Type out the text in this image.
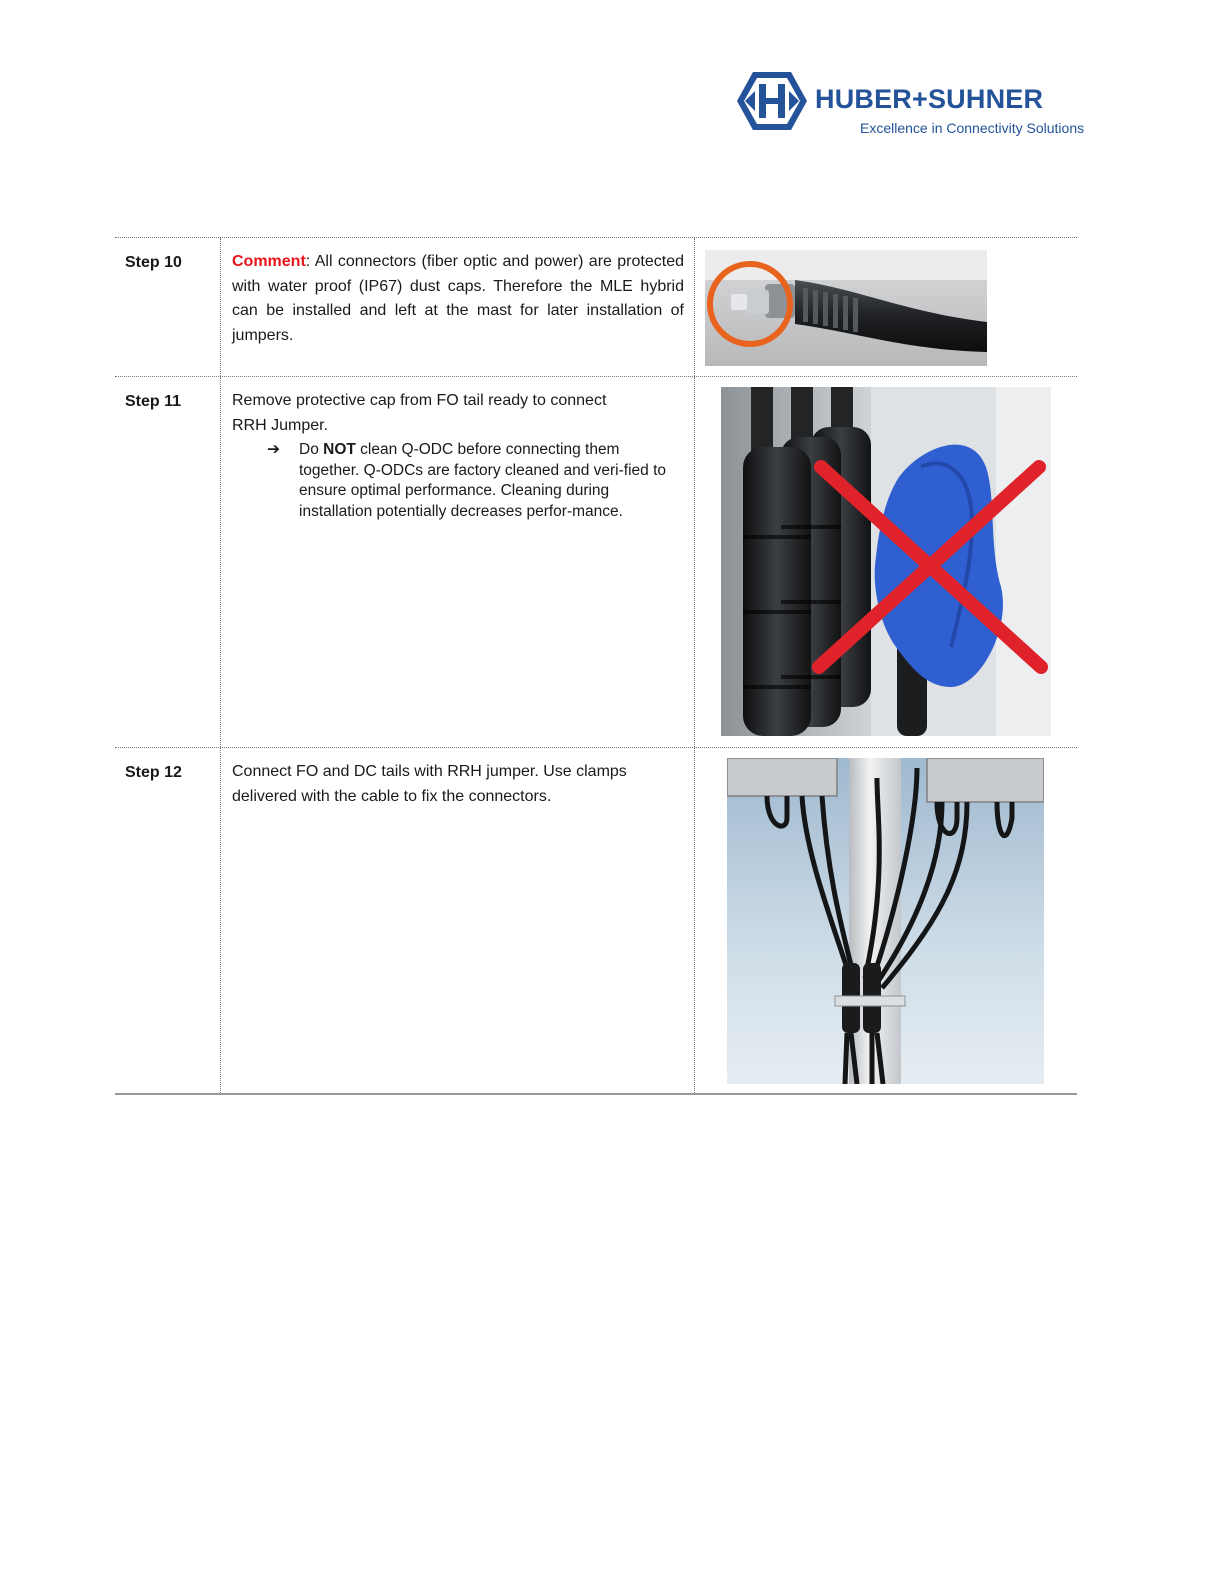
HUBER+SUHNER
Excellence in Connectivity Solutions
Step 10	Comment: All connectors (fiber optic and power) are protected with water proof (IP67) dust caps. Therefore the MLE hybrid can be installed and left at the mast for later installation of jumpers.
Step 11	Remove protective cap from FO tail ready to connect
RRH Jumper.
➔	Do NOT clean Q-ODC before connecting them together. Q-ODCs are factory cleaned and veri-fied to ensure optimal performance. Cleaning during installation potentially decreases perfor-mance.
Step 12	Connect FO and DC tails with RRH jumper. Use clamps delivered with the cable to fix the connectors.
